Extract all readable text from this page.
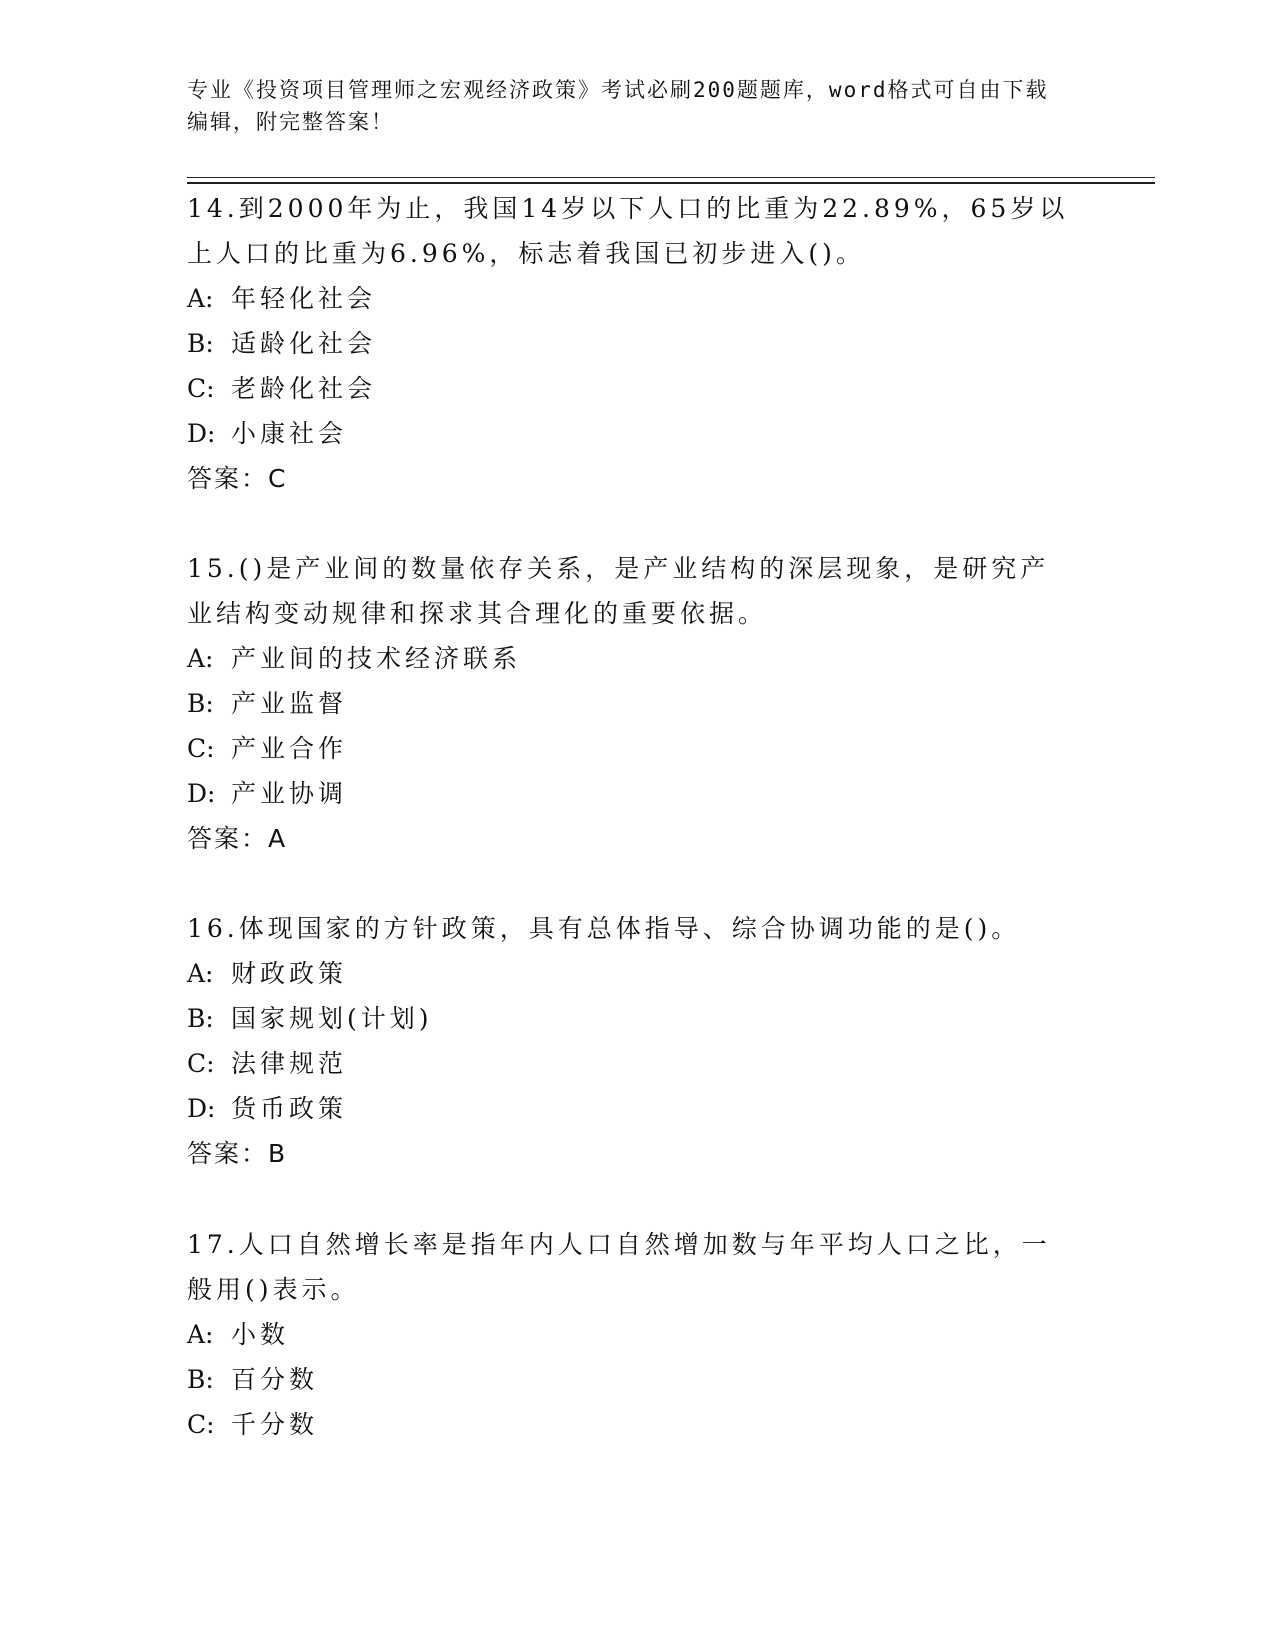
专业《投资项目管理师之宏观经济政策》考试必刷200题题库，word格式可自由下载编辑，附完整答案！

14.到2000年为止，我国14岁以下人口的比重为22.89%，65岁以上人口的比重为6.96%，标志着我国已初步进入()。

A: 年轻化社会
B: 适龄化社会
C: 老龄化社会
D: 小康社会

答案：C

15.()是产业间的数量依存关系，是产业结构的深层现象，是研究产业结构变动规律和探求其合理化的重要依据。

A: 产业间的技术经济联系
B: 产业监督
C: 产业合作
D: 产业协调

答案：A

16.体现国家的方针政策，具有总体指导、综合协调功能的是()。

A: 财政政策
B: 国家规划(计划)
C: 法律规范
D: 货币政策

答案：B

17.人口自然增长率是指年内人口自然增加数与年平均人口之比，一般用()表示。

A: 小数
B: 百分数
C: 千分数
